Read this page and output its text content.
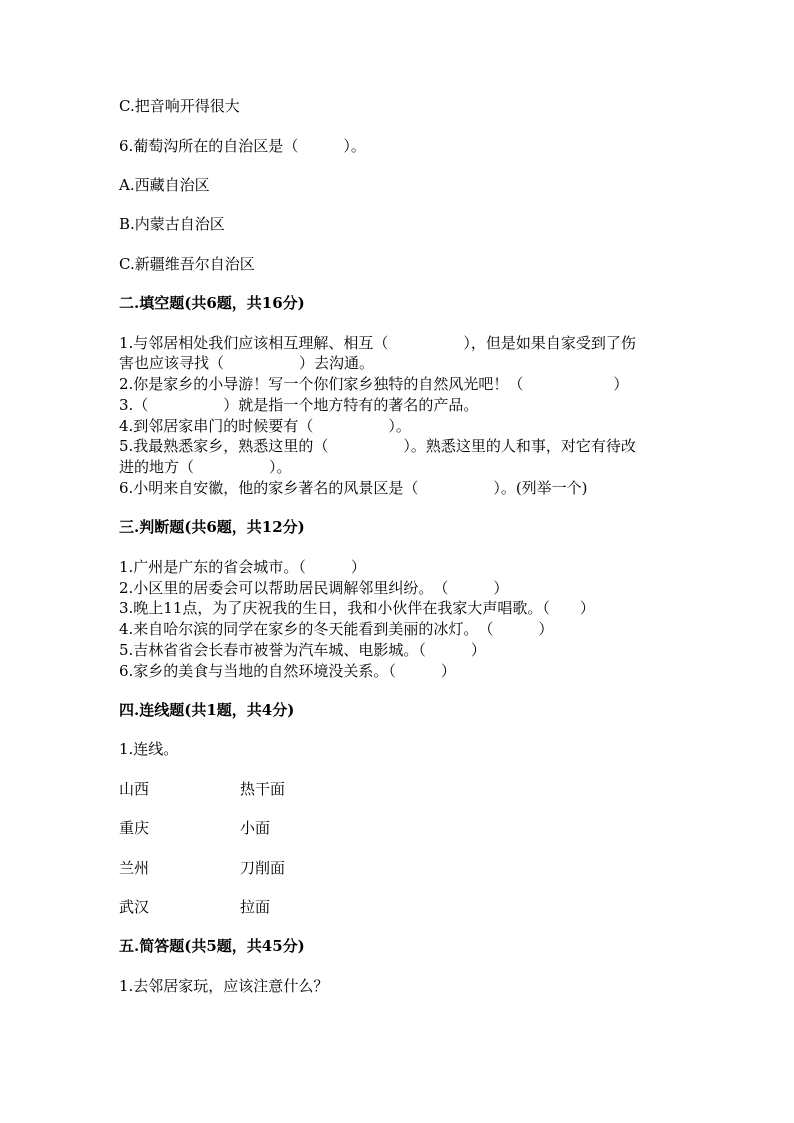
C.把音响开得很大
6.葡萄沟所在的自治区是（　　　）。
A.西藏自治区
B.内蒙古自治区
C.新疆维吾尔自治区
二.填空题(共6题，共16分)
1.与邻居相处我们应该相互理解、相互（　　　　　），但是如果自家受到了伤
害也应该寻找（　　　　　）去沟通。
2.你是家乡的小导游！写一个你们家乡独特的自然风光吧！（　　　　　　）
3.（　　　　　）就是指一个地方特有的著名的产品。
4.到邻居家串门的时候要有（　　　　　）。
5.我最熟悉家乡，熟悉这里的（　　　　　）。熟悉这里的人和事，对它有待改
进的地方（　　　　　）。
6.小明来自安徽，他的家乡著名的风景区是（　　　　　）。(列举一个)
三.判断题(共6题，共12分)
1.广州是广东的省会城市。（　　　）
2.小区里的居委会可以帮助居民调解邻里纠纷。　（　　　）
3.晚上11点，为了庆祝我的生日，我和小伙伴在我家大声唱歌。（　　）
4.来自哈尔滨的同学在家乡的冬天能看到美丽的冰灯。　（　　　）
5.吉林省省会长春市被誉为汽车城、电影城。（　　　）
6.家乡的美食与当地的自然环境没关系。（　　　）
四.连线题(共1题，共4分)
1.连线。
山西	热干面
重庆	小面
兰州	刀削面
武汉	拉面
五.简答题(共5题，共45分)
1.去邻居家玩，应该注意什么？
